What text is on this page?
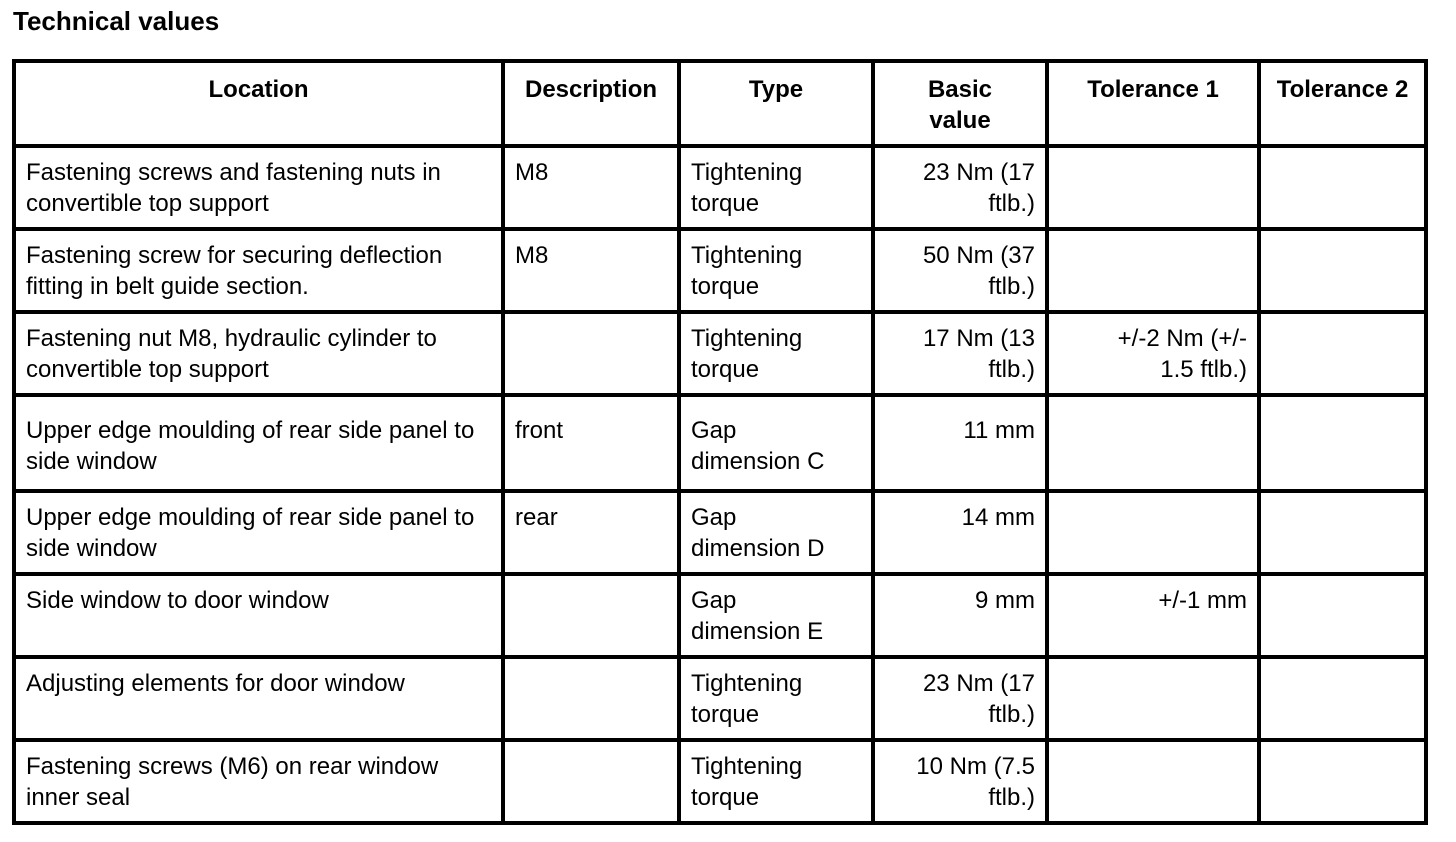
Technical values
Location	Description	Type	Basic value	Tolerance 1	Tolerance 2
Fastening screws and fastening nuts in convertible top support	M8	Tightening torque	23 Nm (17 ftlb.)		
Fastening screw for securing deflection fitting in belt guide section.	M8	Tightening torque	50 Nm (37 ftlb.)		
Fastening nut M8, hydraulic cylinder to convertible top support		Tightening torque	17 Nm (13 ftlb.)	+/-2 Nm (+/- 1.5 ftlb.)	
Upper edge moulding of rear side panel to side window	front	Gap dimension C	11 mm		
Upper edge moulding of rear side panel to side window	rear	Gap dimension D	14 mm		
Side window to door window		Gap dimension E	9 mm	+/-1 mm	
Adjusting elements for door window		Tightening torque	23 Nm (17 ftlb.)		
Fastening screws (M6) on rear window inner seal		Tightening torque	10 Nm (7.5 ftlb.)		
